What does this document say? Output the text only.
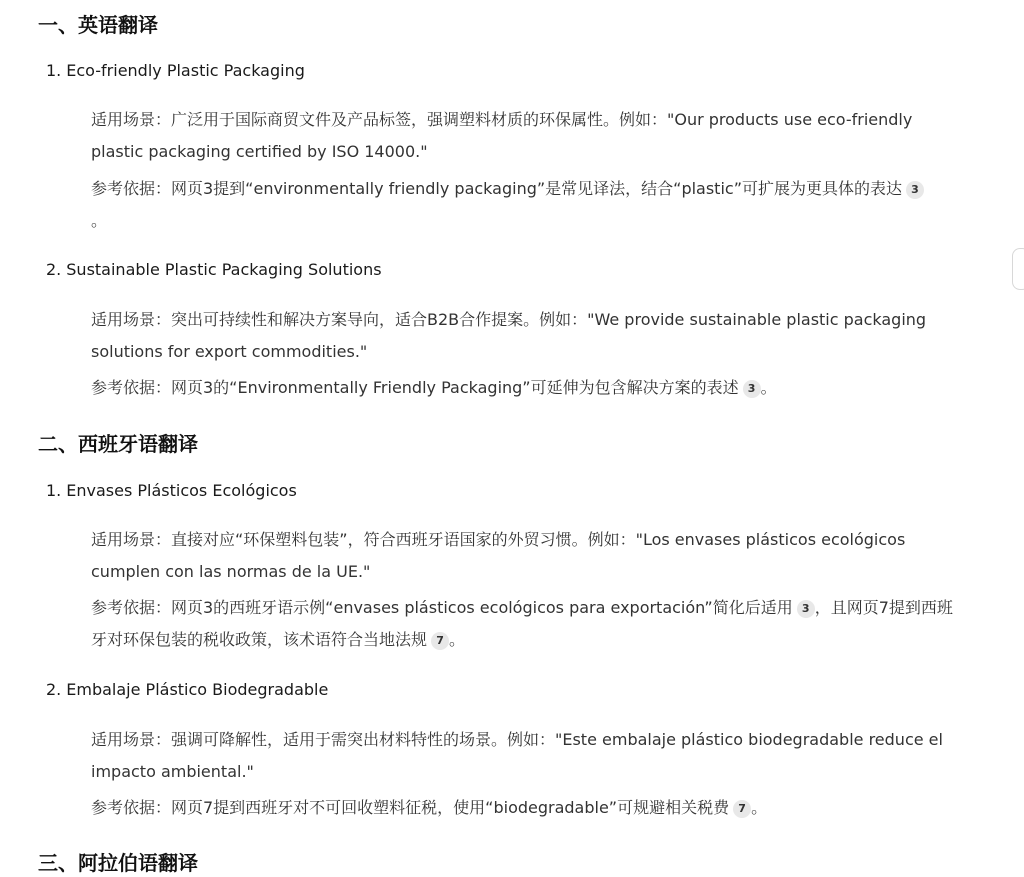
一、英语翻译
1. Eco-friendly Plastic Packaging

适用场景：广泛用于国际商贸文件及产品标签，强调塑料材质的环保属性。例如："Our products use eco-friendly plastic packaging certified by ISO 14000."

参考依据：网页3提到“environmentally friendly packaging”是常见译法，结合“plastic”可扩展为更具体的表达 3
。

2. Sustainable Plastic Packaging Solutions

适用场景：突出可持续性和解决方案导向，适合B2B合作提案。例如："We provide sustainable plastic packaging solutions for export commodities."

参考依据：网页3的“Environmentally Friendly Packaging”可延伸为包含解决方案的表述 3 。

二、西班牙语翻译
1. Envases Plásticos Ecológicos

适用场景：直接对应“环保塑料包装”，符合西班牙语国家的外贸习惯。例如："Los envases plásticos ecológicos cumplen con las normas de la UE."

参考依据：网页3的西班牙语示例“envases plásticos ecológicos para exportación”简化后适用 3 ，且网页7提到西班牙对环保包装的税收政策，该术语符合当地法规 7 。

2. Embalaje Plástico Biodegradable

适用场景：强调可降解性，适用于需突出材料特性的场景。例如："Este embalaje plástico biodegradable reduce el impacto ambiental."

参考依据：网页7提到西班牙对不可回收塑料征税，使用“biodegradable”可规避相关税费 7 。

三、阿拉伯语翻译
